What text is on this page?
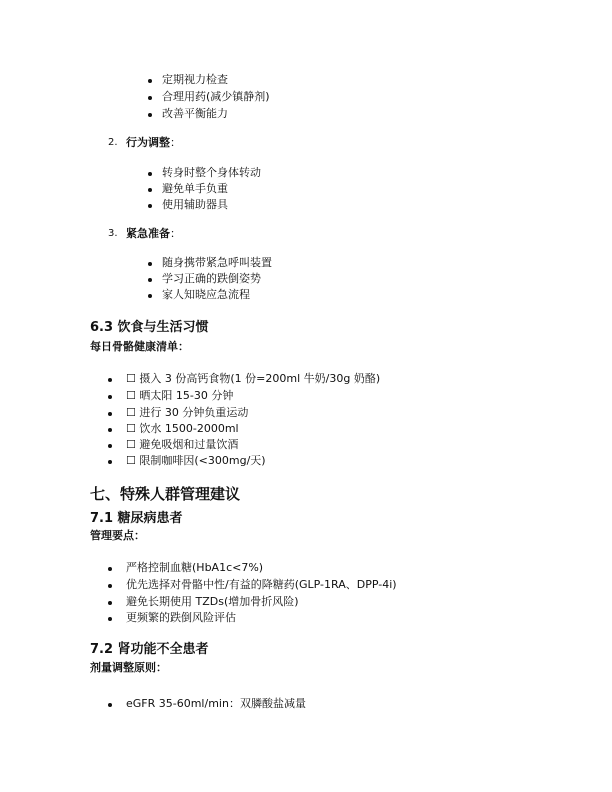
定期视力检查
合理用药(减少镇静剂)
改善平衡能力
2. 行为调整：
转身时整个身体转动
避免单手负重
使用辅助器具
3. 紧急准备：
随身携带紧急呼叫装置
学习正确的跌倒姿势
家人知晓应急流程
6.3 饮食与生活习惯
每日骨骼健康清单：
☐ 摄入 3 份高钙食物(1 份=200ml 牛奶/30g 奶酪)
☐ 晒太阳 15-30 分钟
☐ 进行 30 分钟负重运动
☐ 饮水 1500-2000ml
☐ 避免吸烟和过量饮酒
☐ 限制咖啡因(<300mg/天)
七、特殊人群管理建议
7.1 糖尿病患者
管理要点：
严格控制血糖(HbA1c<7%)
优先选择对骨骼中性/有益的降糖药(GLP-1RA、DPP-4i)
避免长期使用 TZDs(增加骨折风险)
更频繁的跌倒风险评估
7.2 肾功能不全患者
剂量调整原则：
eGFR 35-60ml/min：双膦酸盐减量
